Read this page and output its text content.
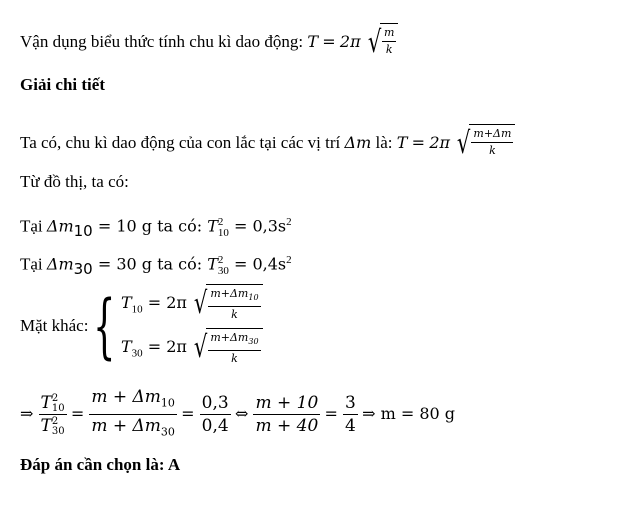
Vận dụng biểu thức tính chu kì dao động: T = 2π √ $\frac{m}{k}$
Giải chi tiết
Ta có, chu kì dao động của con lắc tại các vị trí Δm là: T = 2π √ $\frac{m+\Delta m}{k}$
Từ đồ thị, ta có:
Tại $\Delta m_{10} = 10$ g ta có: T 2
$10 = 0,3s^2$
Tại $\Delta m_{30} = 30$ g ta có: T 2
$30 = 0,4s^2$
Mặt khác: { $T_{10} = 2\pi$ √ $\frac{m+\Delta m_{10}}{k}$
$T_{30} = 2\pi$ √ $\frac{m+\Delta m_{30}}{k}$
⇒ T 2
10
T 2
$30 = \frac{m + \Delta m_{10}}{m + \Delta m_{30}} = \frac{0,3}{0,4}$ ⇔ $\frac{m + 10}{m + 40} = \frac{3}{4}$ ⇒ m = 80 g
Đáp án cần chọn là: A
